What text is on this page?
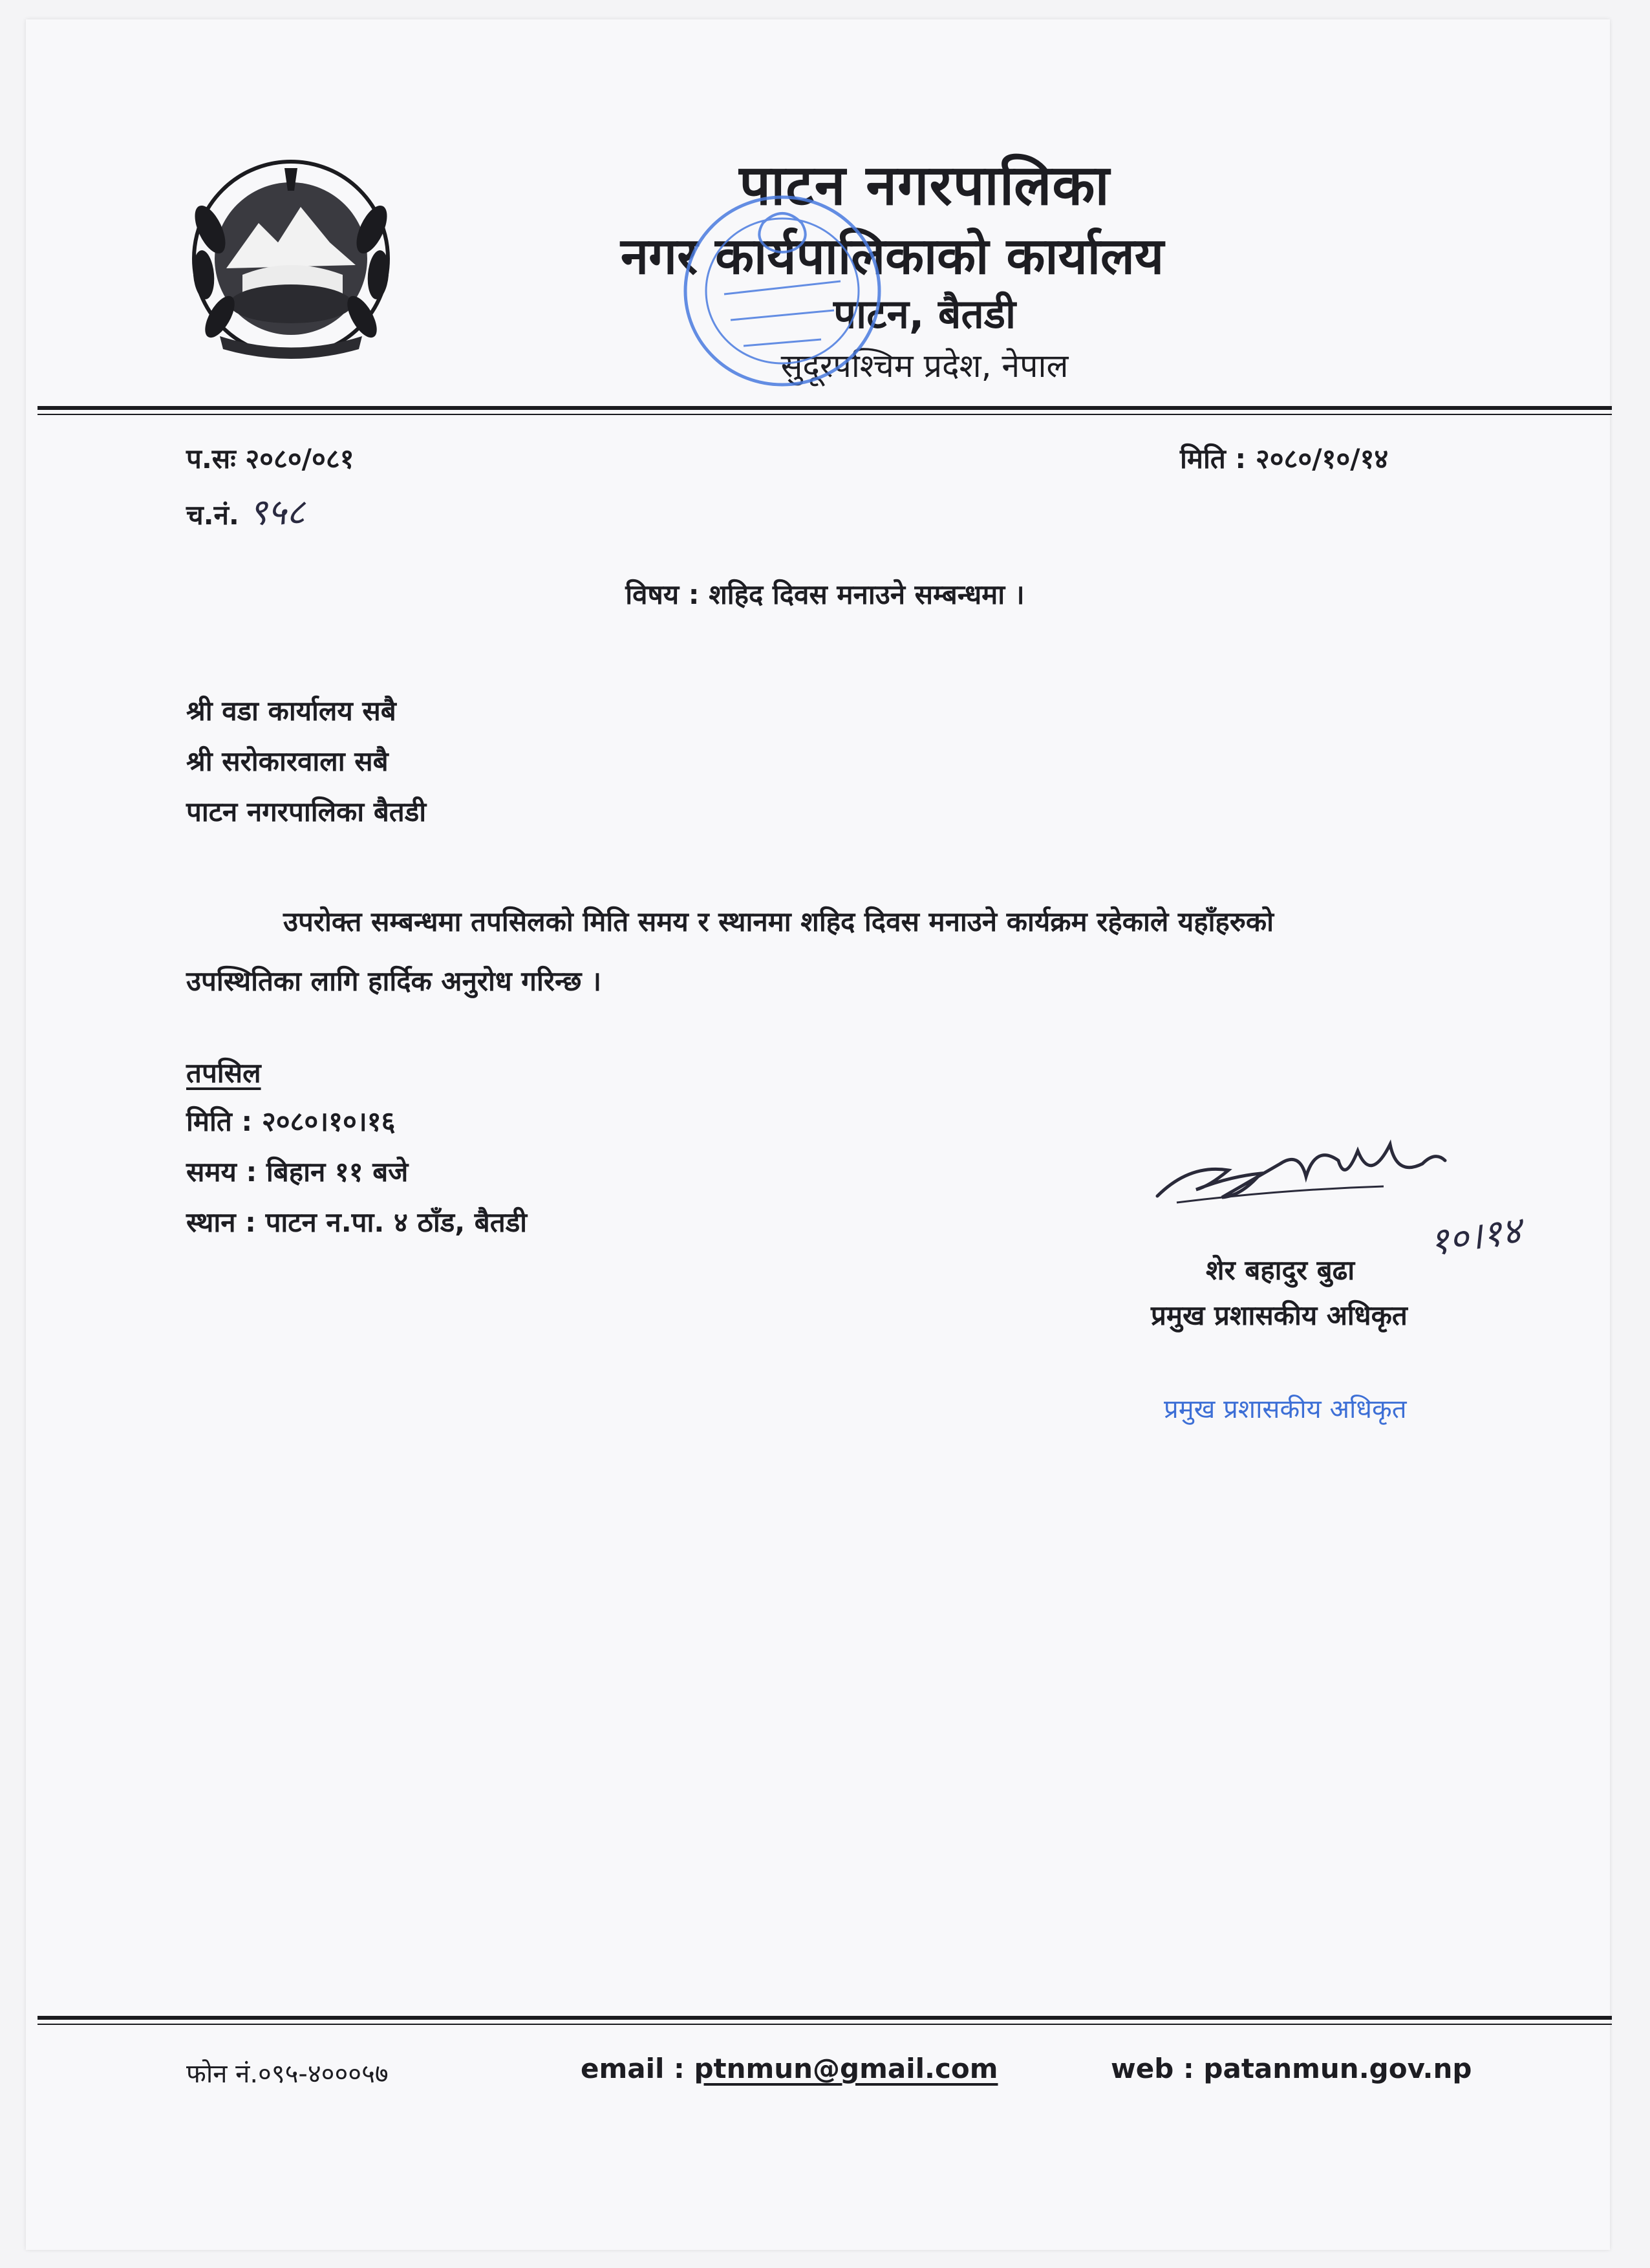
पाटन नगरपालिका
नगर कार्यपालिकाको कार्यालय
पाटन, बैतडी
सुदूरपश्चिम प्रदेश, नेपाल
प.सः २०८०/०८१
च.नं. ९५८
मिति : २०८०/१०/१४
विषय : शहिद दिवस मनाउने सम्बन्धमा ।
श्री वडा कार्यालय सबै
श्री सरोकारवाला सबै
पाटन नगरपालिका बैतडी
उपरोक्त सम्बन्धमा तपसिलको मिति समय र स्थानमा शहिद दिवस मनाउने कार्यक्रम रहेकाले यहाँहरुको
उपस्थितिका लागि हार्दिक अनुरोध गरिन्छ ।
तपसिल
मिति : २०८०।१०।१६
समय : बिहान ११ बजे
स्थान : पाटन न.पा. ४ ठाँड, बैतडी	१०।१४
शेर बहादुर बुढा
प्रमुख प्रशासकीय अधिकृत
प्रमुख प्रशासकीय अधिकृत
फोन नं.०९५-४०००५७	email : ptnmun@gmail.com	web : patanmun.gov.np
